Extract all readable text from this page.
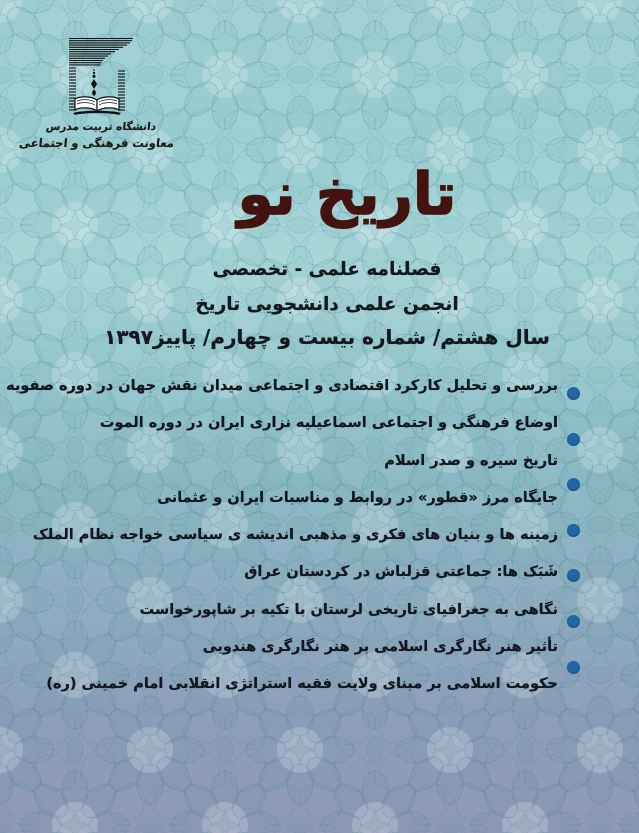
دانشگاه تربیت مدرس
معاونت فرهنگی و اجتماعی
تاریخ نو
فصلنامه علمی - تخصصی
انجمن علمی دانشجویی تاریخ
سال هشتم/ شماره بیست و چهارم/ پاییز۱۳۹۷
بررسی و تحلیل کارکرد اقتصادی و اجتماعی میدان نقش جهان در دوره صفویه
اوضاع فرهنگی و اجتماعی اسماعیلیه نزاری ایران در دوره الموت
تاریخ سیره و صدر اسلام
جایگاه مرز «قطور» در روابط و مناسبات ایران و عثمانی
زمینه ها و بنیان های فکری و مذهبی اندیشه ی سیاسی خواجه نظام الملک
شَبَک ها: جماعتی قزلباش در کردستان عراق
نگاهی به جغرافیای تاریخی لرستان با تکیه بر شاپورخواست
تأثیر هنر نگارگری اسلامی بر هنر نگارگری هندویی
حکومت اسلامی بر مبنای ولایت فقیه استراتژی انقلابی امام خمینی (ره)
